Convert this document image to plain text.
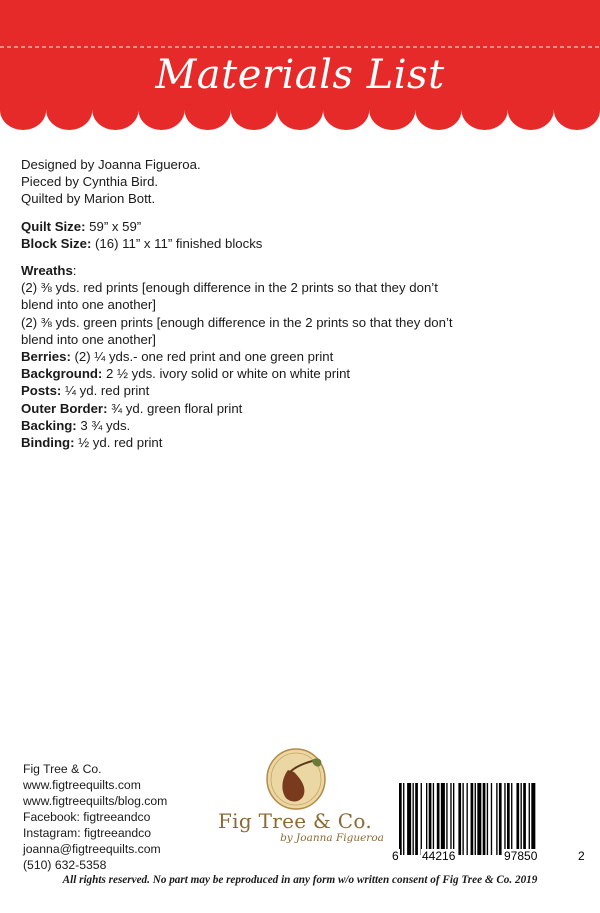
Materials List

Designed by Joanna Figueroa.

Pieced by Cynthia Bird.

Quilted by Marion Bott.

Quilt Size: 59” x 59”

Block Size: (16) 11” x 11” finished blocks

Wreaths:

(2) ⅜ yds. red prints [enough difference in the 2 prints so that they don’t

blend into one another]

(2) ⅜ yds. green prints [enough difference in the 2 prints so that they don’t

blend into one another]

Berries: (2) ¼ yds.- one red print and one green print

Background: 2 ½ yds. ivory solid or white on white print

Posts: ¼ yd. red print

Outer Border: ¾ yd. green floral print

Backing: 3 ¾ yds.

Binding: ½ yd. red print

Fig Tree & Co.

www.figtreequilts.com

www.figtreequilts/blog.com

Facebook: figtreeandco

Instagram: figtreeandco

joanna@figtreequilts.com

(510) 632-5358

Fig Tree & Co.
by Joanna Figueroa
6 44216	97850	2
All rights reserved. No part may be reproduced in any form w/o written consent of Fig Tree & Co. 2019
